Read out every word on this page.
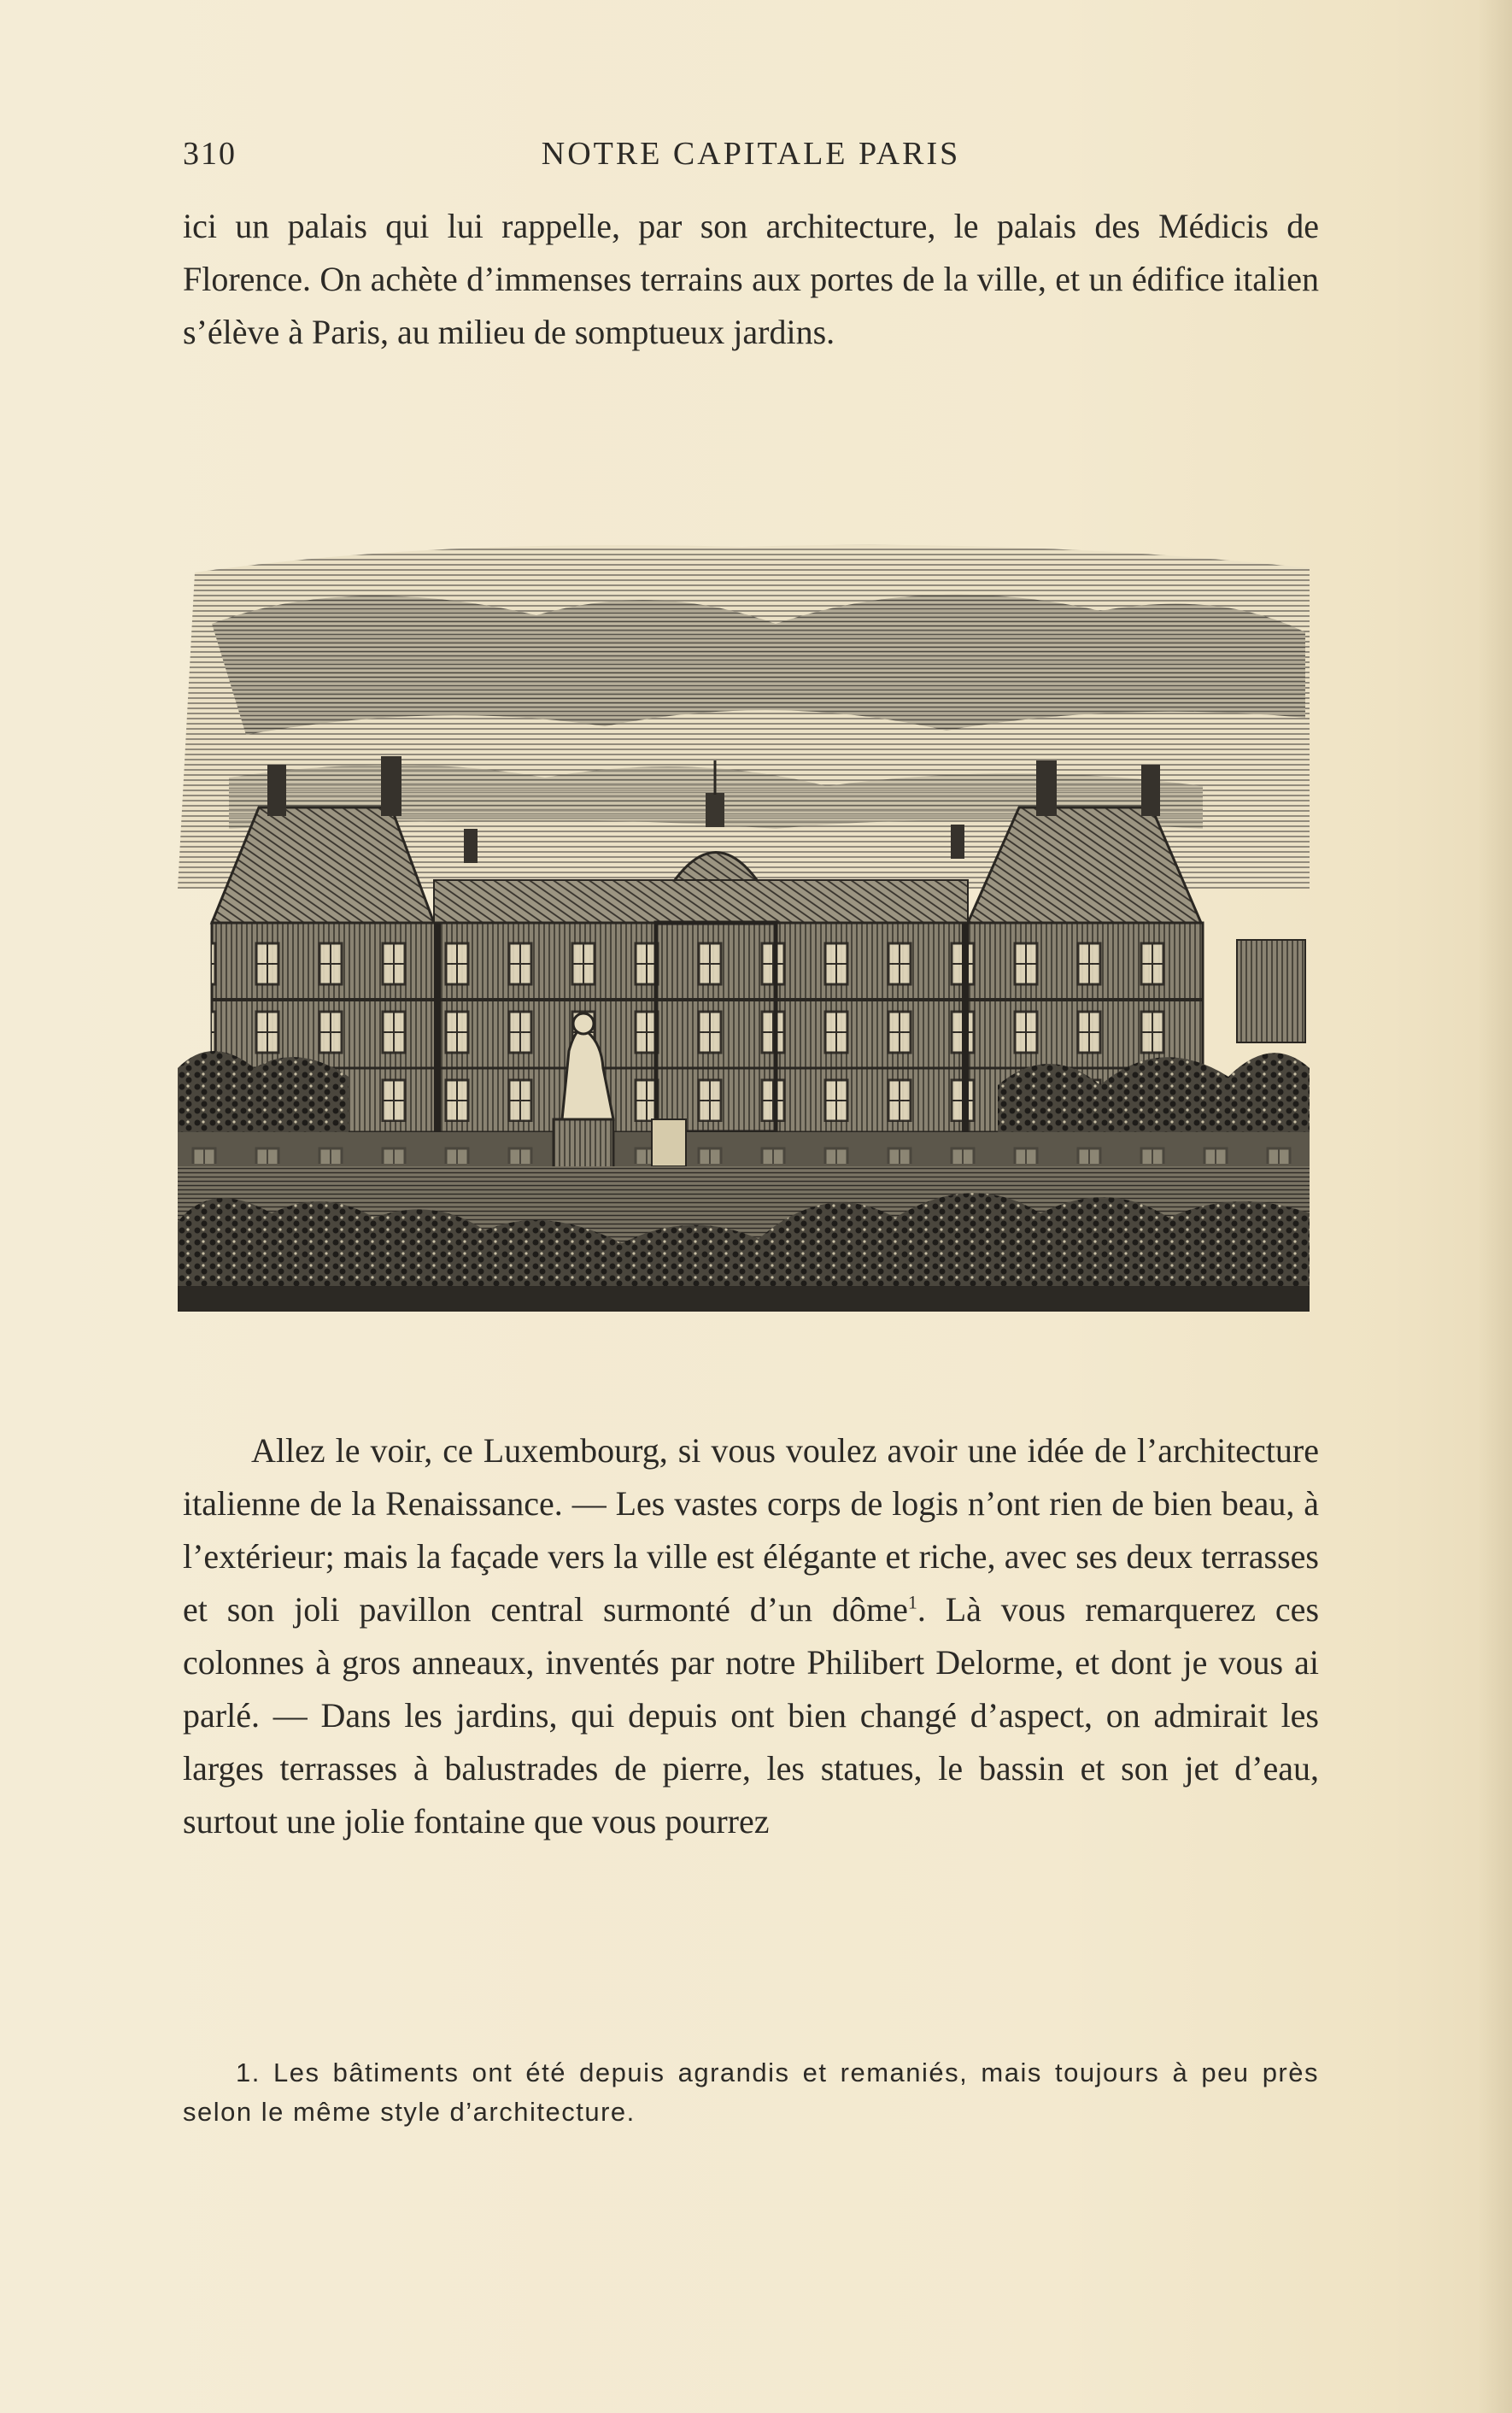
310	NOTRE CAPITALE PARIS

ici un palais qui lui rappelle, par son architecture, le palais des Médicis de Florence. On achète d’immenses terrains aux portes de la ville, et un édifice italien s’élève à Paris, au milieu de somptueux jardins.

Allez le voir, ce Luxembourg, si vous voulez avoir une idée de l’architecture italienne de la Renaissance. — Les vastes corps de logis n’ont rien de bien beau, à l’extérieur; mais la façade vers la ville est élégante et riche, avec ses deux terrasses et son joli pavillon central surmonté d’un dôme$^1$. Là vous remarquerez ces colonnes à gros anneaux, inventés par notre Philibert Delorme, et dont je vous ai parlé. — Dans les jardins, qui depuis ont bien changé d’aspect, on admirait les larges terrasses à balustrades de pierre, les statues, le bassin et son jet d’eau, surtout une jolie fontaine que vous pourrez

1. Les bâtiments ont été depuis agrandis et remaniés, mais toujours à peu près selon le même style d’architecture.
